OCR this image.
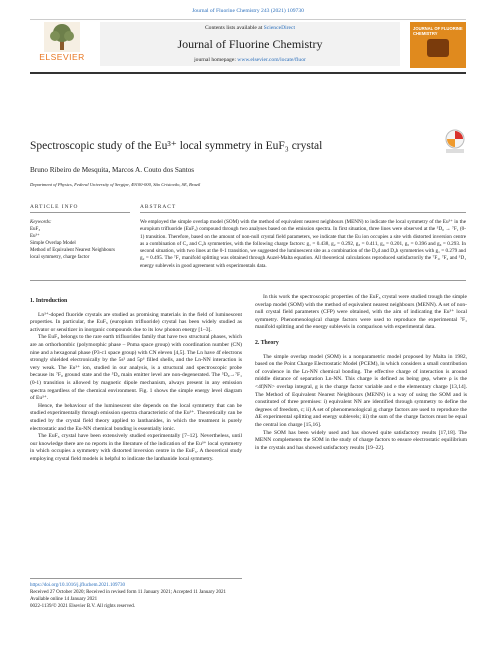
Journal of Fluorine Chemistry 243 (2021) 109730
ELSEVIER
Contents lists available at ScienceDirect
Journal of Fluorine Chemistry
journal homepage: www.elsevier.com/locate/fluor
JOURNAL OF FLUORINE CHEMISTRY
Spectroscopic study of the Eu³⁺ local symmetry in EuF₃ crystal
Bruno Ribeiro de Mesquita, Marcos A. Couto dos Santos
Department of Physics, Federal University of Sergipe, 49100-000, São Cristovão, SE, Brazil
ARTICLE INFO	ABSTRACT
Keywords:
EuF₃
Eu³⁺
Simple Overlap Model
Method of Equivalent Nearest Neighbours
local symmetry, charge factor
We employed the simple overlap model (SOM) with the method of equivalent nearest neighbours (MENN) to indicate the local symmetry of the Eu³⁺ in the europium trifluoride (EuF₃) compound through two analyses based on the emission spectra. In first situation, three lines were observed at the ⁵D₀ → ⁷F₁ (0-1) transition. Therefore, based on the amount of non-null crystal field parameters, we indicate that the Eu ion occupies a site with distorted inversion centre as a combination of C₂ and C₂h symmetries, with the following charge factors: g₁ = 0.438, g₂ = 0.292, g₃ = 0.411, g₄ = 0.201, g₅ = 0.396 and g₆ = 0.293. In second situation, with two lines at the 0-1 transition, we suggested the luminescent site as a combination of the D₃d and D₃h symmetries with g₁ = 0.279 and g₂ = 0.495. The ⁷F₁ manifold splitting was obtained through Auzel-Malta equation. All theoretical calculations reproduced satisfactorily the ⁷F₁, ⁷F₂ and ⁵D₁ energy sublevels in good agreement with experimentals data.
1. Introduction

Ln³⁺-doped fluoride crystals are studied as promising materials in the field of luminescent properties. In particular, the EuF₃ (europium trifluoride) crystal has been widely studied as activator or sensitizer in inorganic compounds due to its low phonon energy [1–3].

The EuF₃ belongs to the rare earth trifluorides family that have two structural phases, which are an orthorhombic (polymorphic phase – Pnma space group) with coordination number (CN) nine and a hexagonal phase (P3-c1 space group) with CN eleven [4,5]. The Ln have 4f electrons strongly shielded electronically by the 5s² and 5p⁶ filled shells, and the Ln-NN interaction is very weak. The Eu³⁺ ion, studied in our analysis, is a structural and spectroscopic probe because its ⁷F₀ ground state and the ⁵D₀ main emitter level are non-degenerated. The ⁵D₀→⁷F₁ (0-1) transition is allowed by magnetic dipole mechanism, always present in any emission spectra regardless of the chemical environment. Fig. 1 shows the simple energy level diagram of Eu³⁺.

Hence, the behaviour of the luminescent site depends on the local symmetry that can be studied experimentally through emission spectra characteristic of the Eu³⁺. Theoretically can be studied by the crystal field theory applied to lanthanides, in which the treatment is purely electrostatic and the Eu-NN chemical bonding is essentially ionic.

The EuF₃ crystal have been extensively studied experimentally [7–12]. Nevertheless, until our knowledge there are no reports in the literature of the indication of the Eu³⁺ local symmetry in which occupies a symmetry with distorted inversion centre in the EuF₃. A theoretical study employing crystal field models is helpful to indicate the lanthanide local symmetry.

In this work the spectroscopic properties of the EuF₃ crystal were studied trough the simple overlap model (SOM) with the method of equivalent nearest neighbours (MENN). A set of non-null crystal field parameters (CFP) were obtained, with the aim of indicating the Eu³⁺ local symmetry. Phenomenological charge factors were used to reproduce the experimental ⁷F₁ manifold splitting and the energy sublevels in comparison with experimental data.

2. Theory

The simple overlap model (SOM) is a nonparametric model proposed by Malta in 1982, based on the Point Charge Electrostatic Model (PCEM), in which considers a small contribution of covalence in the Ln-NN chemical bonding. The effective charge of interaction is around middle distance of separation Ln-NN. This charge is defined as being geρ, where ρ is the <4f|NN> overlap integral, g is the charge factor variable and e the elementary charge [13,14]. The Method of Equivalent Nearest Neighbours (MENN) is a way of using the SOM and is constituted of three premises: i) equivalent NN are identified through symmetry to define the degrees of freedom, c; ii) A set of phenomenological gⱼ charge factors are used to reproduce the ΔE experimental splitting and energy sublevels; iii) the sum of the charge factors must be equal the central ion charge [15,16].

The SOM has been widely used and has showed quite satisfactory results [17,18]. The MENN complements the SOM in the study of charge factors to ensure electrostatic equilibrium in the crystals and has showed satisfactory results [19–22].

https://doi.org/10.1016/j.jfluchem.2021.109730
Received 27 October 2020; Received in revised form 11 January 2021; Accepted 11 January 2021
Available online 14 January 2021
0022-1139/© 2021 Elsevier B.V. All rights reserved.
